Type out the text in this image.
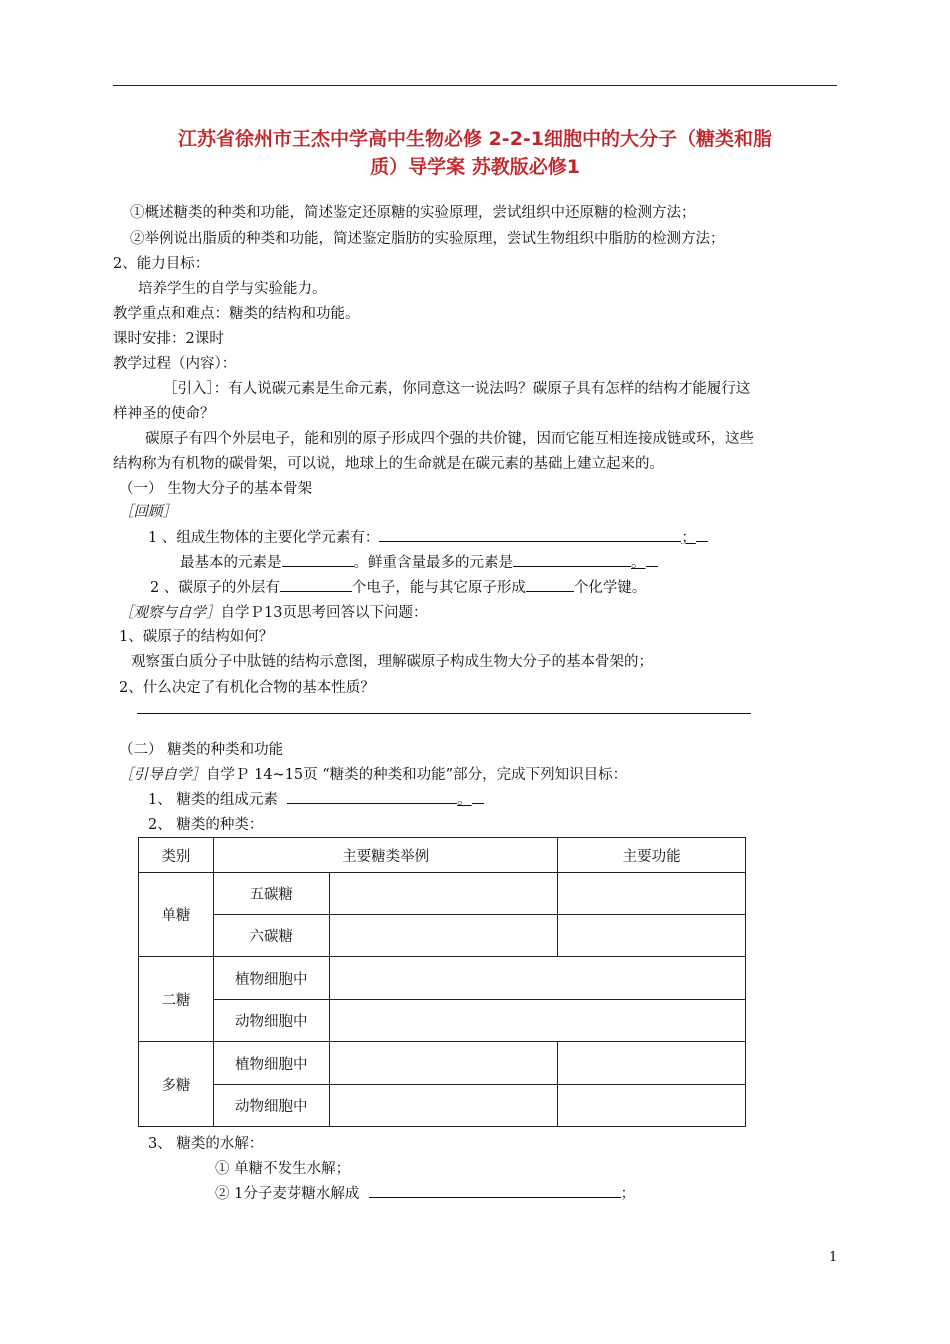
江苏省徐州市王杰中学高中生物必修 2-2-1细胞中的大分子（糖类和脂
质）导学案 苏教版必修1
①概述糖类的种类和功能，简述鉴定还原糖的实验原理，尝试组织中还原糖的检测方法；
②举例说出脂质的种类和功能，简述鉴定脂肪的实验原理，尝试生物组织中脂肪的检测方法；
2、能力目标：
培养学生的自学与实验能力。
教学重点和难点：糖类的结构和功能。
课时安排：2课时
教学过程（内容）：
［引入］：有人说碳元素是生命元素，你同意这一说法吗？碳原子具有怎样的结构才能履行这
样神圣的使命？
碳原子有四个外层电子，能和别的原子形成四个强的共价键，因而它能互相连接成链或环，这些
结构称为有机物的碳骨架，可以说，地球上的生命就是在碳元素的基础上建立起来的。
（一） 生物大分子的基本骨架
［回顾］
1 、组成生物体的主要化学元素有：	；
最基本的元素是	。鲜重含量最多的元素是	。
2 、碳原子的外层有	个电子，能与其它原子形成	个化学键。
［观察与自学］自学Ｐ13页思考回答以下问题：
1、碳原子的结构如何？
观察蛋白质分子中肽链的结构示意图，理解碳原子构成生物大分子的基本骨架的；
2、什么决定了有机化合物的基本性质？
（二） 糖类的种类和功能
［引导自学］自学Ｐ 14~15页 “糖类的种类和功能”部分，完成下列知识目标：
1、 糖类的组成元素	。
2、 糖类的种类：
类别	主要糖类举例		主要功能
单糖	五碳糖		
	六碳糖		
二糖	植物细胞中		
	动物细胞中		
多糖	植物细胞中		
	动物细胞中		
3、 糖类的水解：
① 单糖不发生水解；
② 1分子麦芽糖水解成	；
1
